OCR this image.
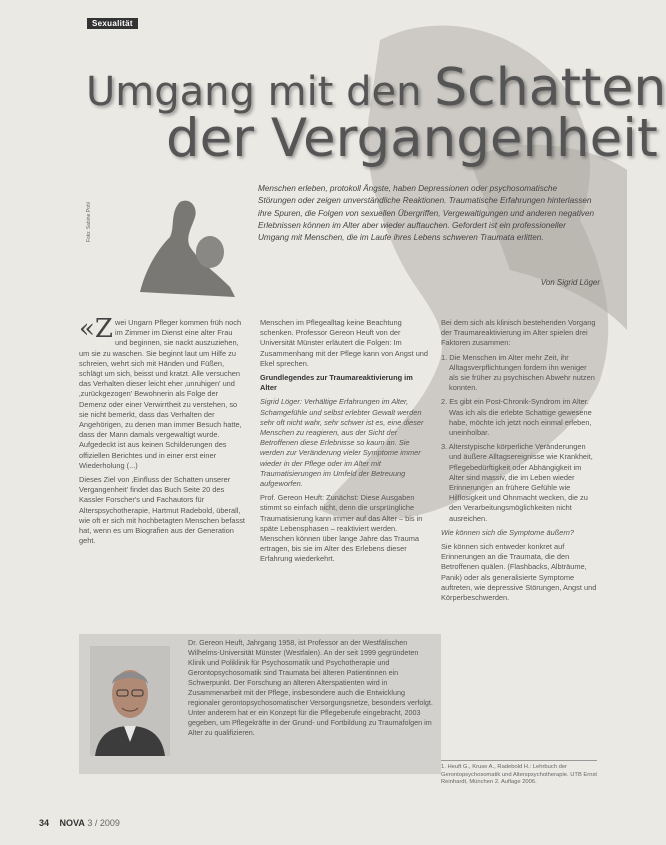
Sexualität
Umgang mit den Schatten
der Vergangenheit
Foto: Sabine Pohl
Menschen erleben, protokoll Ängste, haben Depressionen oder psychosomatische Störungen oder zeigen unverständliche Reaktionen. Traumatische Erfahrungen hinterlassen ihre Spuren, die Folgen von sexuellen Übergriffen, Vergewaltigungen und anderen negativen Erlebnissen können im Alter aber wieder auftauchen. Gefordert ist ein professioneller Umgang mit Menschen, die im Laufe ihres Lebens schweren Traumata erlitten.
Von Sigrid Löger

«Zwei Ungarn Pfleger kommen früh noch im Zimmer im Dienst eine alter Frau und beginnen, sie nackt auszuziehen, um sie zu waschen. Sie beginnt laut um Hilfe zu schreien, wehrt sich mit Händen und Füßen, schlägt um sich, beisst und kratzt. Alle versuchen das Verhalten dieser leicht eher ‚unruhigen' und ‚zurückgezogen' Bewohnerin als Folge der Demenz oder einer Verwirrtheit zu verstehen, so sie nicht bemerkt, dass das Verhalten der Angehörigen, zu denen man immer Besuch hatte, dass der Mann damals vergewaltigt wurde. Aufgedeckt ist aus keinen Schilderungen des offiziellen Berichtes und in einer erst einer Wiederholung (...)

Dieses Ziel von ‚Einfluss der Schatten unserer Vergangenheit' findet das Buch Seite 20 des Kassler Forscher's und Fachautors für Alterspsychotherapie, Hartmut Radebold, überall, wie oft er sich mit hochbetagten Menschen befasst hat, wenn es um Biografien aus der Generation geht.

Menschen im Pflegealltag keine Beachtung schenken. Professor Gereon Heuft von der Universität Münster erläutert die Folgen: Im Zusammenhang mit der Pflege kann von Angst und Ekel sprechen.

Grundlegendes zur Traumareaktivierung im Alter

Sigrid Löger: Verhältige Erfahrungen im Alter, Schamgefühle und selbst erlebter Gewalt werden sehr oft nicht wahr, sehr schwer ist es, eine dieser Menschen zu reagieren, aus der Sicht der Betroffenen diese Erlebnisse so kaum an. Sie werden zur Veränderung vieler Symptome immer wieder in der Pflege oder im Alter mit Traumatisierungen im Umfeld der Betreuung aufgeworfen.

Prof. Gereon Heuft: Zunächst: Diese Ausgaben stimmt so einfach nicht, denn die ursprüngliche Traumatisierung kann immer auf das Alter – bis in späte Lebensphasen – reaktiviert werden. Menschen können über lange Jahre das Trauma ertragen, bis sie im Alter des Erlebens dieser Erfahrung wiederkehrt.

Bei dem sich als klinisch bestehenden Vorgang der Traumareaktivierung im Alter spielen drei Faktoren zusammen:

1. Die Menschen im Alter mehr Zeit, ihr Alltagsverpflichtungen fordern ihn weniger als sie früher zu psychischen Abwehr nutzen konnten.

2. Es gibt ein Post-Chronik-Syndrom im Alter. Was ich als die erlebte Schattige gewesene habe, möchte ich jetzt noch einmal erleben, uneinholbar.

3. Alterstypische körperliche Veränderungen und äußere Alltagsereignisse wie Krankheit, Pflegebedürftigkeit oder Abhängigkeit im Alter sind massiv, die im Leben wieder Erinnerungen an frühere Gefühle wie Hilflosigkeit und Ohnmacht wecken, die zu den Verarbeitungsmöglichkeiten nicht ausreichen.

Wie können sich die Symptome äußern?

Sie können sich entweder konkret auf Erinnerungen an die Traumata, die den Betroffenen quälen. (Flashbacks, Albträume, Panik) oder als generalisierte Symptome auftreten, wie depressive Störungen, Angst und Körperbeschwerden.

Dr. Gereon Heuft, Jahrgang 1958, ist Professor an der Westfälischen Wilhelms-Universität Münster (Westfalen). An der seit 1999 gegründeten Klinik und Poliklinik für Psychosomatik und Psychotherapie und Gerontopsychosomatik sind Traumata bei älteren Patientinnen ein Schwerpunkt. Der Forschung an älteren Alterspatienten wird in Zusammenarbeit mit der Pflege, insbesondere auch die Entwicklung regionaler gerontopsychosomatischer Versorgungsnetze, besonders verfolgt. Unter anderem hat er ein Konzept für die Pflegeberufe eingebracht, 2003 gegeben, um Pflegekräfte in der Grund- und Fortbildung zu Traumafolgen im Alter zu qualifizieren.
1. Heuft G., Kruse A., Radebold H.: Lehrbuch der Gerontopsychosomatik und Alterspsychotherapie. UTB Ernst Reinhardt, München 2. Auflage 2006.
34 NOVA 3 / 2009
